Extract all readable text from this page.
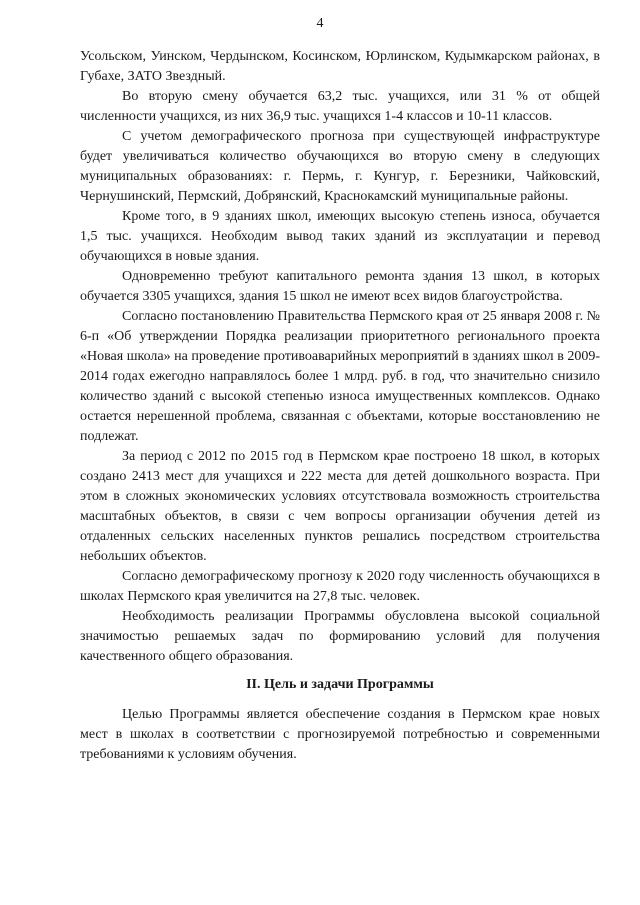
4

Усольском, Уинском, Чердынском, Косинском, Юрлинском, Кудымкарском районах, в Губахе, ЗАТО Звездный.

Во вторую смену обучается 63,2 тыс. учащихся, или 31 % от общей численности учащихся, из них 36,9 тыс. учащихся 1-4 классов и 10-11 классов.

С учетом демографического прогноза при существующей инфраструктуре будет увеличиваться количество обучающихся во вторую смену в следующих муниципальных образованиях: г. Пермь, г. Кунгур, г. Березники, Чайковский, Чернушинский, Пермский, Добрянский, Краснокамский муниципальные районы.

Кроме того, в 9 зданиях школ, имеющих высокую степень износа, обучается 1,5 тыс. учащихся. Необходим вывод таких зданий из эксплуатации и перевод обучающихся в новые здания.

Одновременно требуют капитального ремонта здания 13 школ, в которых обучается 3305 учащихся, здания 15 школ не имеют всех видов благоустройства.

Согласно постановлению Правительства Пермского края от 25 января 2008 г. № 6-п «Об утверждении Порядка реализации приоритетного регионального проекта «Новая школа» на проведение противоаварийных мероприятий в зданиях школ в 2009-2014 годах ежегодно направлялось более 1 млрд. руб. в год, что значительно снизило количество зданий с высокой степенью износа имущественных комплексов. Однако остается нерешенной проблема, связанная с объектами, которые восстановлению не подлежат.

За период с 2012 по 2015 год в Пермском крае построено 18 школ, в которых создано 2413 мест для учащихся и 222 места для детей дошкольного возраста. При этом в сложных экономических условиях отсутствовала возможность строительства масштабных объектов, в связи с чем вопросы организации обучения детей из отдаленных сельских населенных пунктов решались посредством строительства небольших объектов.

Согласно демографическому прогнозу к 2020 году численность обучающихся в школах Пермского края увеличится на 27,8 тыс. человек.

Необходимость реализации Программы обусловлена высокой социальной значимостью решаемых задач по формированию условий для получения качественного общего образования.

II. Цель и задачи Программы

Целью Программы является обеспечение создания в Пермском крае новых мест в школах в соответствии с прогнозируемой потребностью и современными требованиями к условиям обучения.
